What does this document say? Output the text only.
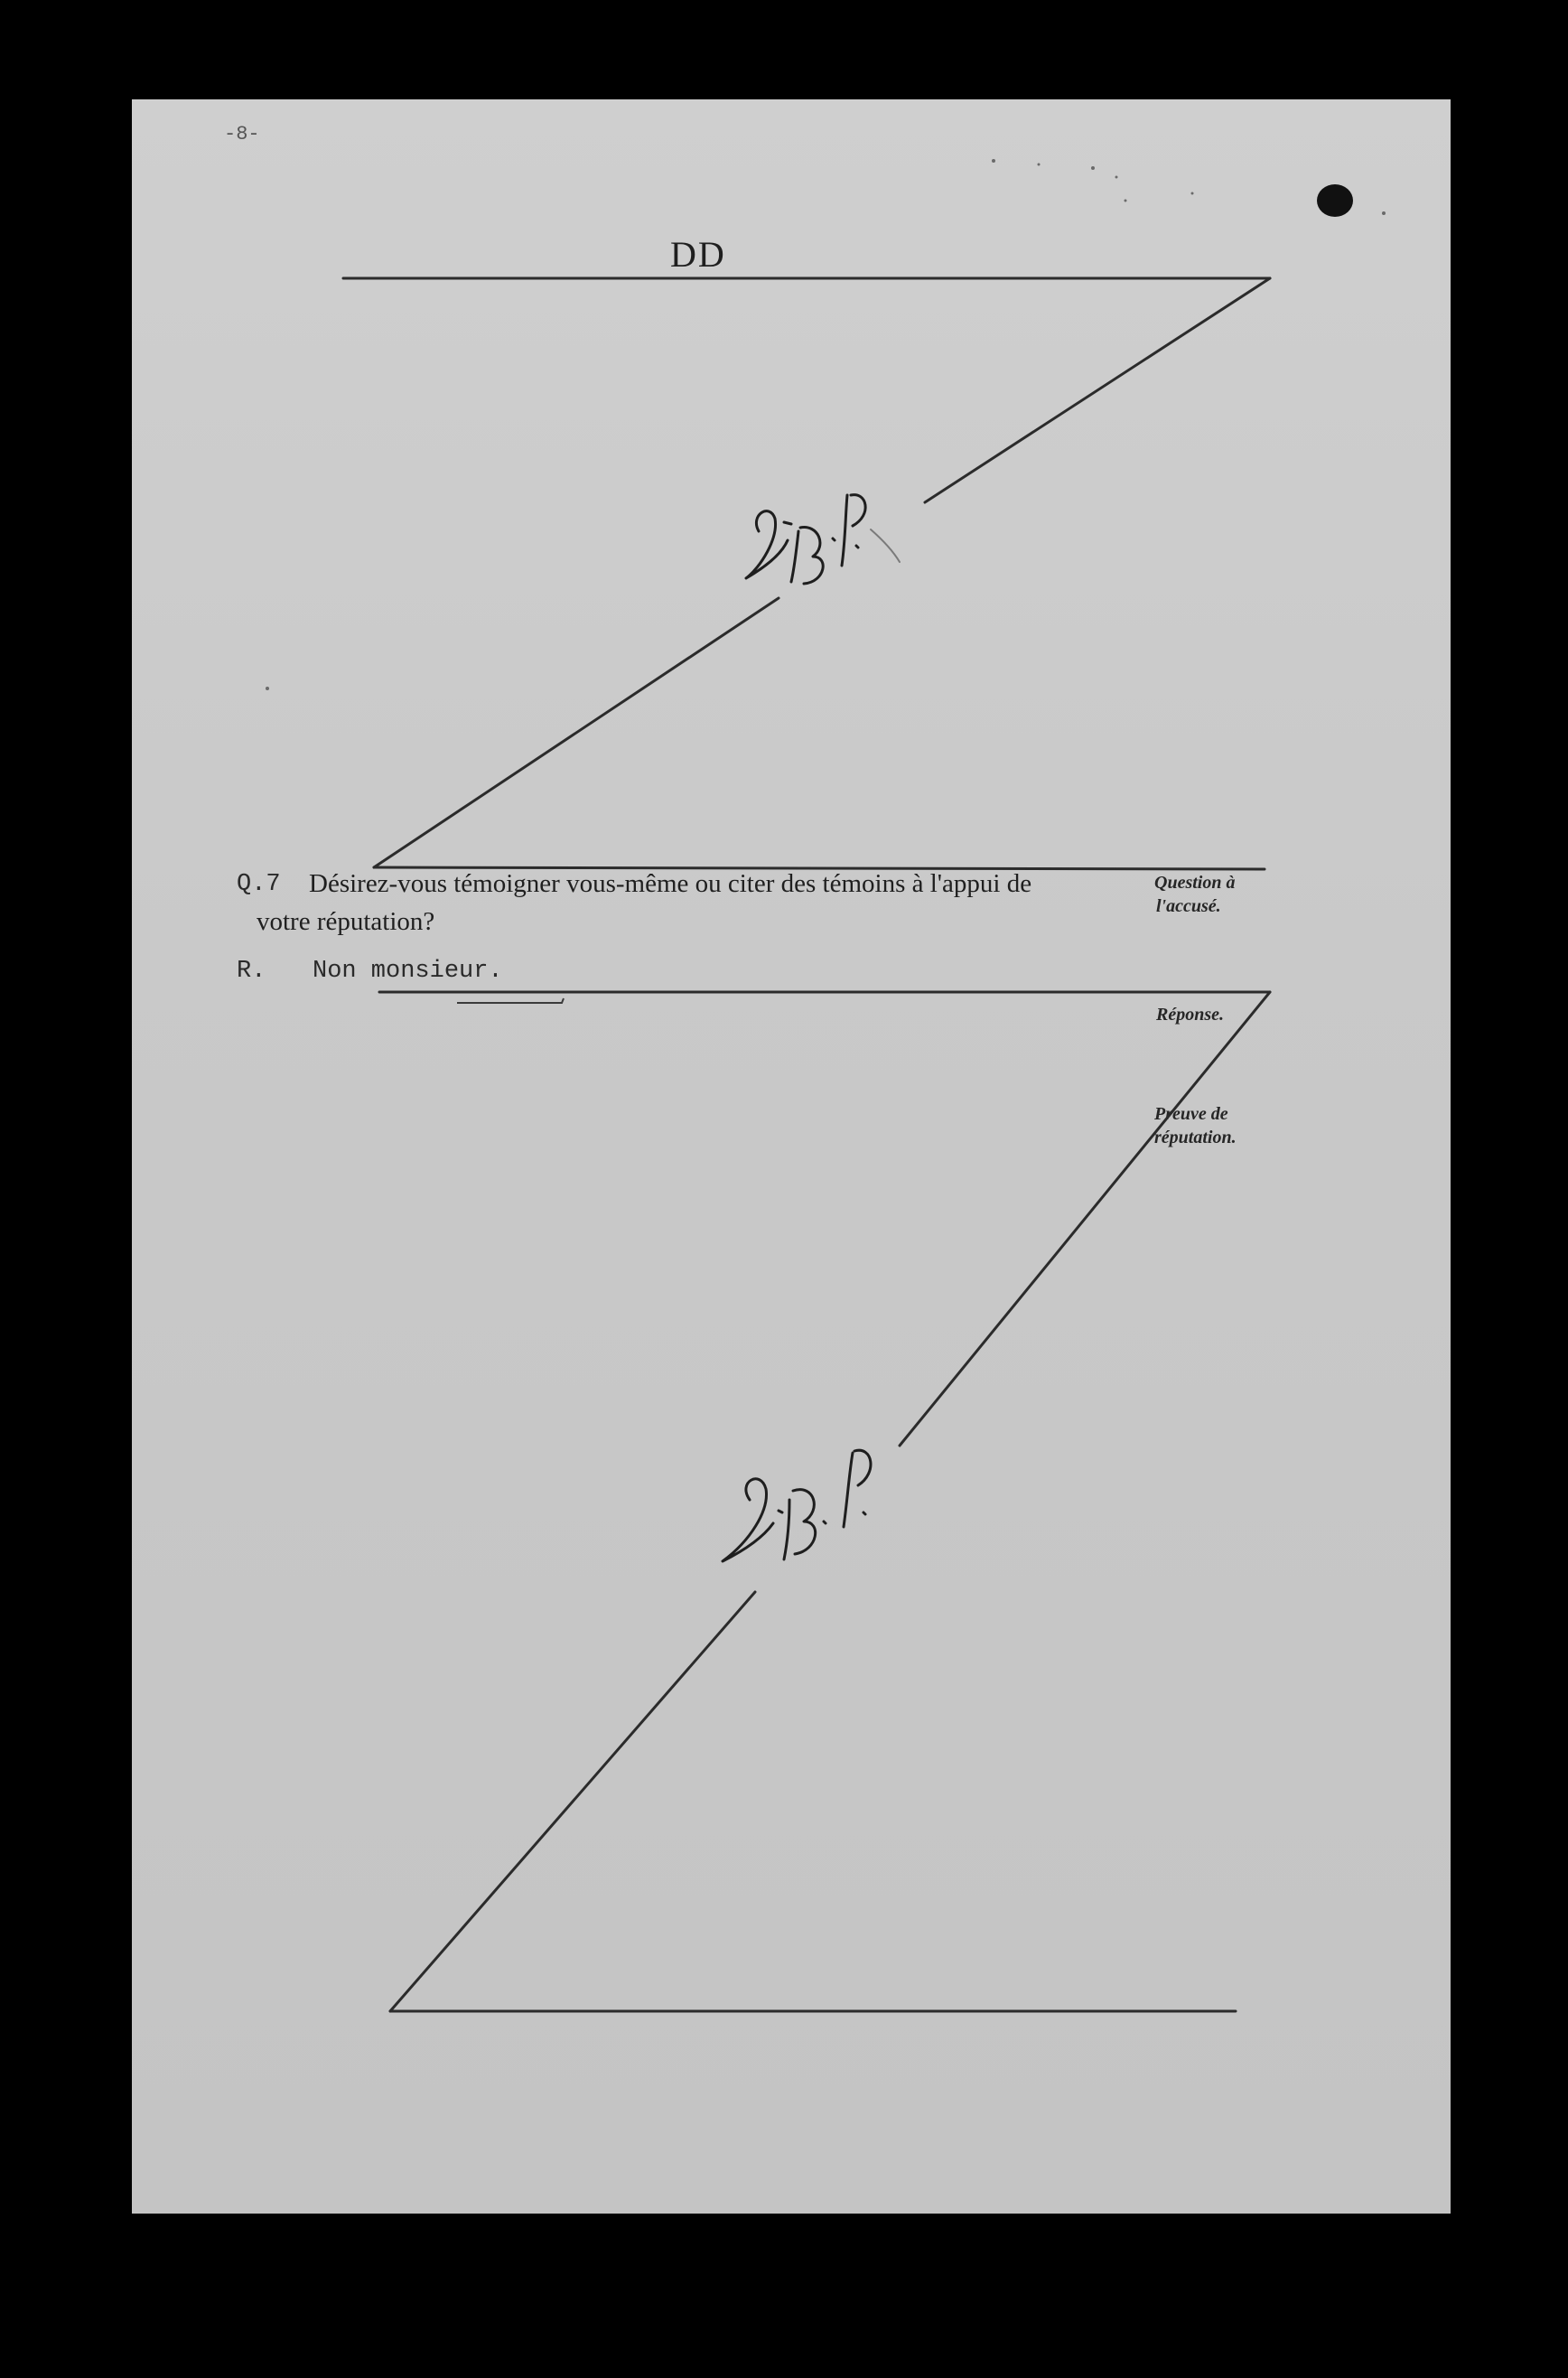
-8-
DD
Q.7 Désirez-vous témoigner vous-même ou citer des témoins à l'appui de
votre réputation?
Question à
l'accusé.
R. Non monsieur.
Réponse.
Preuve de
réputation.
